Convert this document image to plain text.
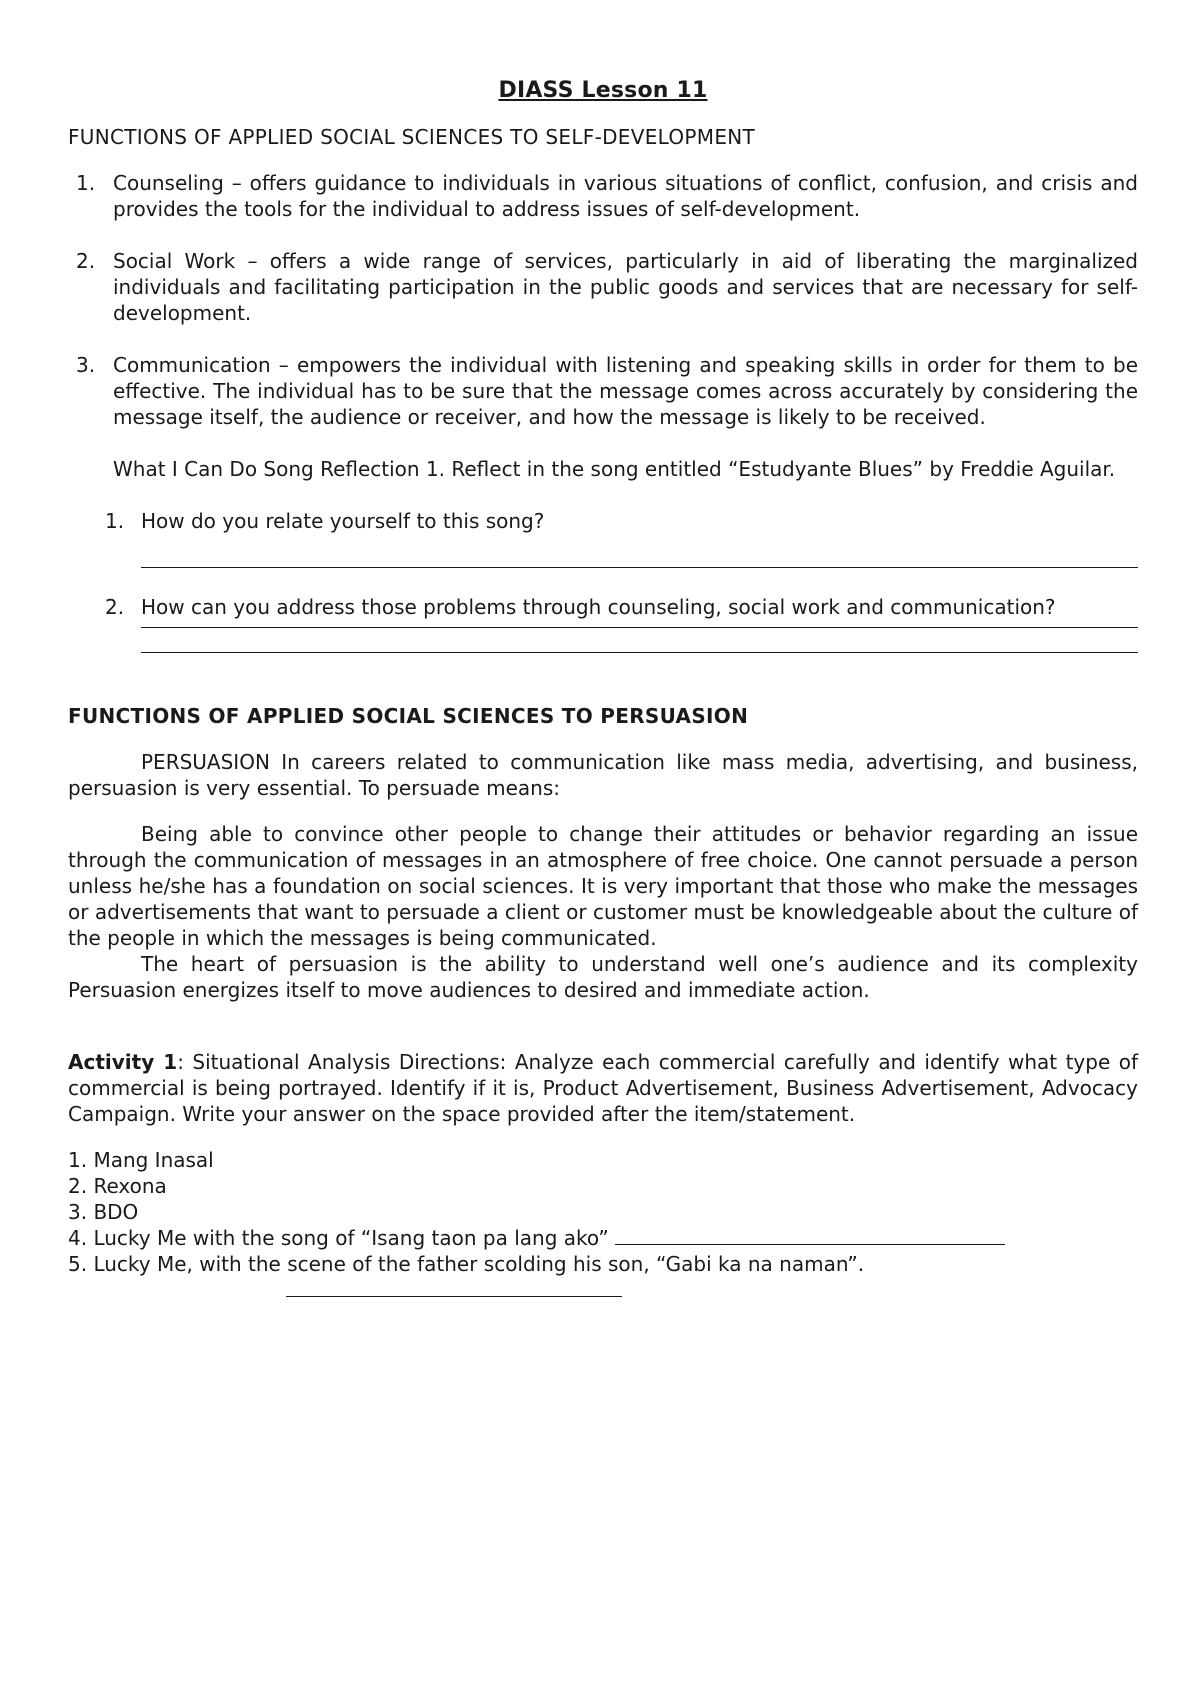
DIASS Lesson 11
FUNCTIONS OF APPLIED SOCIAL SCIENCES TO SELF-DEVELOPMENT
1. Counseling – offers guidance to individuals in various situations of conflict, confusion, and crisis and provides the tools for the individual to address issues of self-development.
2. Social Work – offers a wide range of services, particularly in aid of liberating the marginalized individuals and facilitating participation in the public goods and services that are necessary for self-development.
3. Communication – empowers the individual with listening and speaking skills in order for them to be effective. The individual has to be sure that the message comes across accurately by considering the message itself, the audience or receiver, and how the message is likely to be received.
What I Can Do Song Reflection 1. Reflect in the song entitled “Estudyante Blues” by Freddie Aguilar.
1. How do you relate yourself to this song?
2. How can you address those problems through counseling, social work and communication?
FUNCTIONS OF APPLIED SOCIAL SCIENCES TO PERSUASION

PERSUASION In careers related to communication like mass media, advertising, and business, persuasion is very essential. To persuade means:

Being able to convince other people to change their attitudes or behavior regarding an issue through the communication of messages in an atmosphere of free choice. One cannot persuade a person unless he/she has a foundation on social sciences. It is very important that those who make the messages or advertisements that want to persuade a client or customer must be knowledgeable about the culture of the people in which the messages is being communicated.

The heart of persuasion is the ability to understand well one’s audience and its complexity Persuasion energizes itself to move audiences to desired and immediate action.

Activity 1: Situational Analysis Directions: Analyze each commercial carefully and identify what type of commercial is being portrayed. Identify if it is, Product Advertisement, Business Advertisement, Advocacy Campaign. Write your answer on the space provided after the item/statement.

1. Mang Inasal
2. Rexona
3. BDO
4. Lucky Me with the song of “Isang taon pa lang ako”
5. Lucky Me, with the scene of the father scolding his son, “Gabi ka na naman”.
